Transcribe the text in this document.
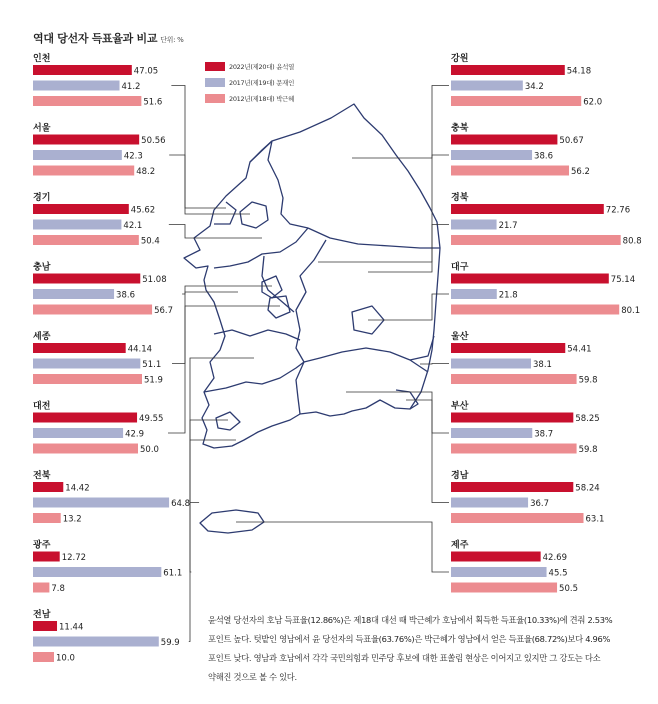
인천
47.05
41.2
51.6
서울
50.56
42.3
48.2
경기
45.62
42.1
50.4
충남
51.08
38.6
56.7
세종
44.14
51.1
51.9
대전
49.55
42.9
50.0
전북
14.42
64.8
13.2
광주
12.72
61.1
7.8
전남
11.44
59.9
10.0
강원
54.18
34.2
62.0
충북
50.67
38.6
56.2
경북
72.76
21.7
80.8
대구
75.14
21.8
80.1
울산
54.41
38.1
59.8
부산
58.25
38.7
59.8
경남
58.24
36.7
63.1
제주
42.69
45.5
50.5
역대 당선자 득표율과 비교 단위: %
2022년(제20대) 윤석열
2017년(제19대) 문재인
2012년(제18대) 박근혜
윤석열 당선자의 호남 득표율(12.86%)은 제18대 대선 때 박근혜가 호남에서 획득한 득표율(10.33%)에 견줘 2.53%포인트 높다. 텃밭인 영남에서 윤 당선자의 득표율(63.76%)은 박근혜가 영남에서 얻은 득표율(68.72%)보다 4.96%포인트 낮다. 영남과 호남에서 각각 국민의힘과 민주당 후보에 대한 표쏠림 현상은 이어지고 있지만 그 강도는 다소 약해진 것으로 볼 수 있다.
